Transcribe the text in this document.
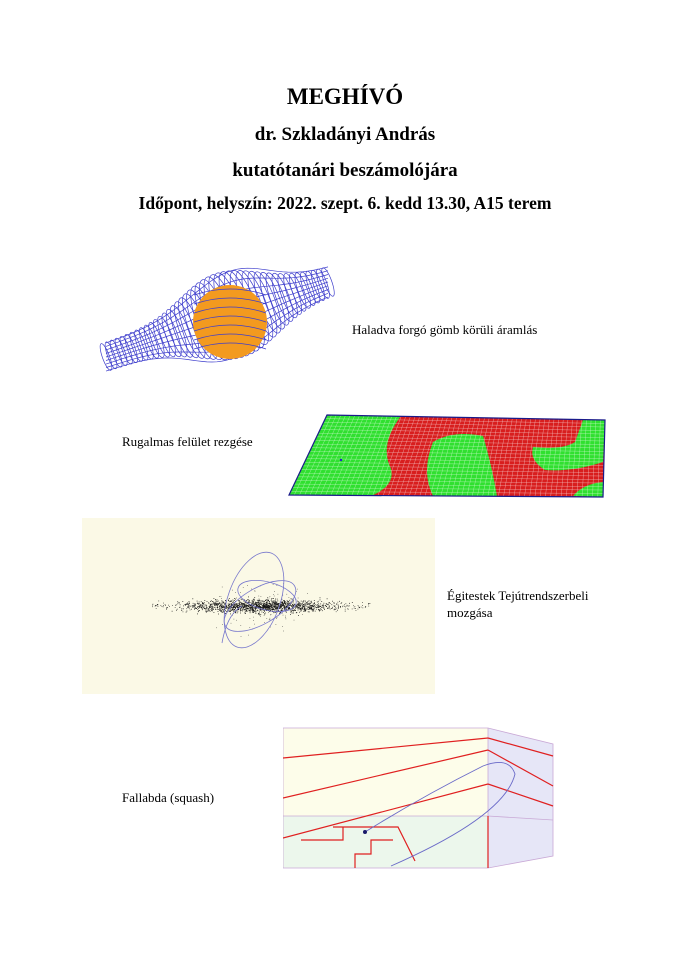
MEGHÍVÓ
dr. Szkladányi András
kutatótanári beszámolójára
Időpont, helyszín: 2022. szept. 6. kedd 13.30, A15 terem
Haladva forgó gömb körüli áramlás
Rugalmas felület rezgése
Égitestek Tejútrendszerbeli
mozgása
Fallabda (squash)
